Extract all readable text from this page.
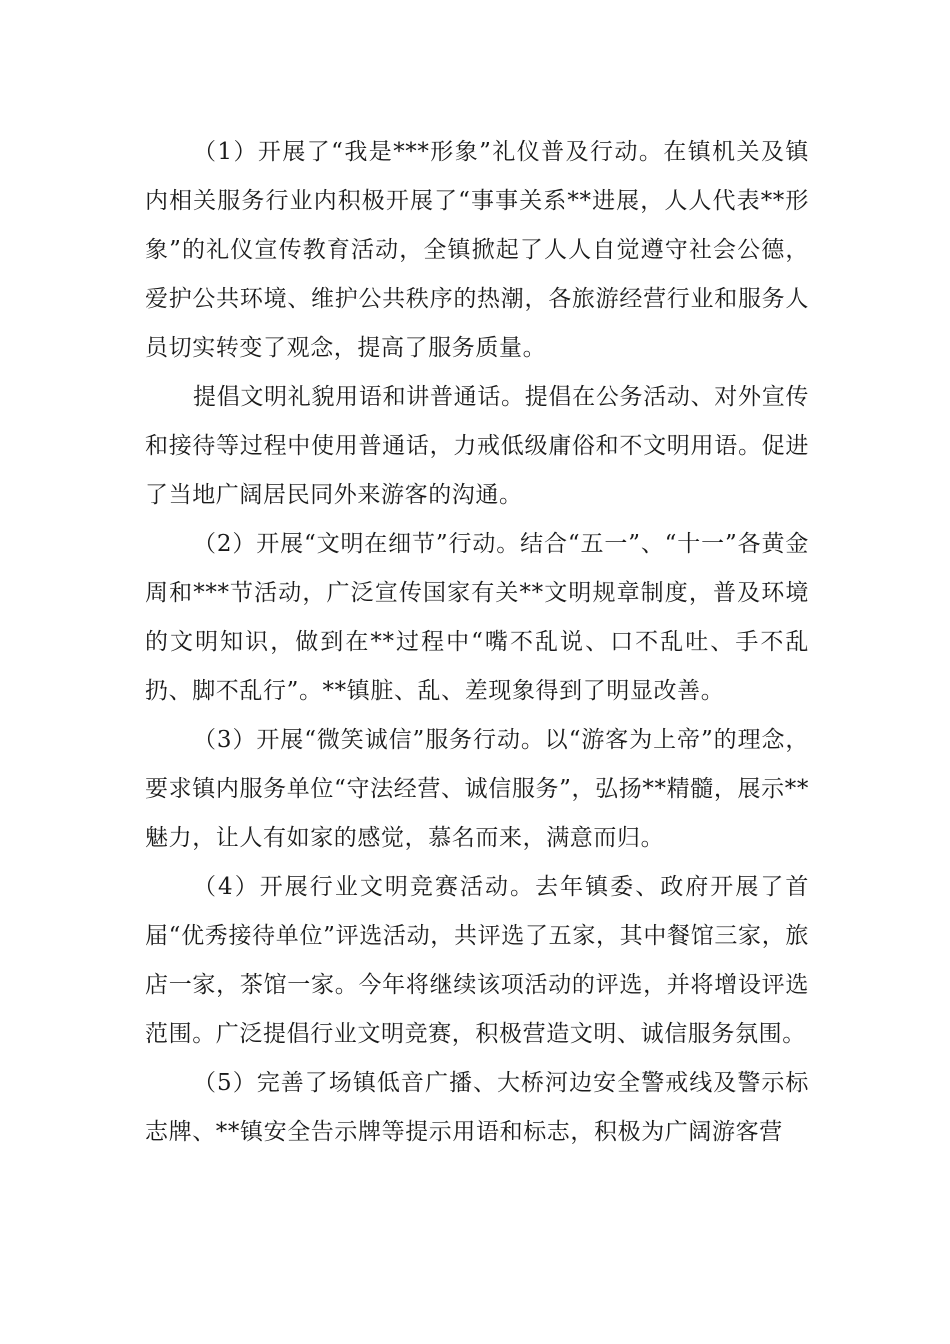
（1）开展了“我是***形象”礼仪普及行动。在镇机关及镇内相关服务行业内积极开展了“事事关系**进展，人人代表**形象”的礼仪宣传教育活动，全镇掀起了人人自觉遵守社会公德，爱护公共环境、维护公共秩序的热潮，各旅游经营行业和服务人员切实转变了观念，提高了服务质量。

提倡文明礼貌用语和讲普通话。提倡在公务活动、对外宣传和接待等过程中使用普通话，力戒低级庸俗和不文明用语。促进了当地广阔居民同外来游客的沟通。

（2）开展“文明在细节”行动。结合“五一”、“十一”各黄金周和***节活动，广泛宣传国家有关**文明规章制度，普及环境的文明知识，做到在**过程中“嘴不乱说、口不乱吐、手不乱扔、脚不乱行”。**镇脏、乱、差现象得到了明显改善。

（3）开展“微笑诚信”服务行动。以“游客为上帝”的理念，要求镇内服务单位“守法经营、诚信服务”，弘扬**精髓，展示**魅力，让人有如家的感觉，慕名而来，满意而归。

（4）开展行业文明竞赛活动。去年镇委、政府开展了首届“优秀接待单位”评选活动，共评选了五家，其中餐馆三家，旅店一家，茶馆一家。今年将继续该项活动的评选，并将增设评选范围。广泛提倡行业文明竞赛，积极营造文明、诚信服务氛围。

（5）完善了场镇低音广播、大桥河边安全警戒线及警示标志牌、**镇安全告示牌等提示用语和标志，积极为广阔游客营
